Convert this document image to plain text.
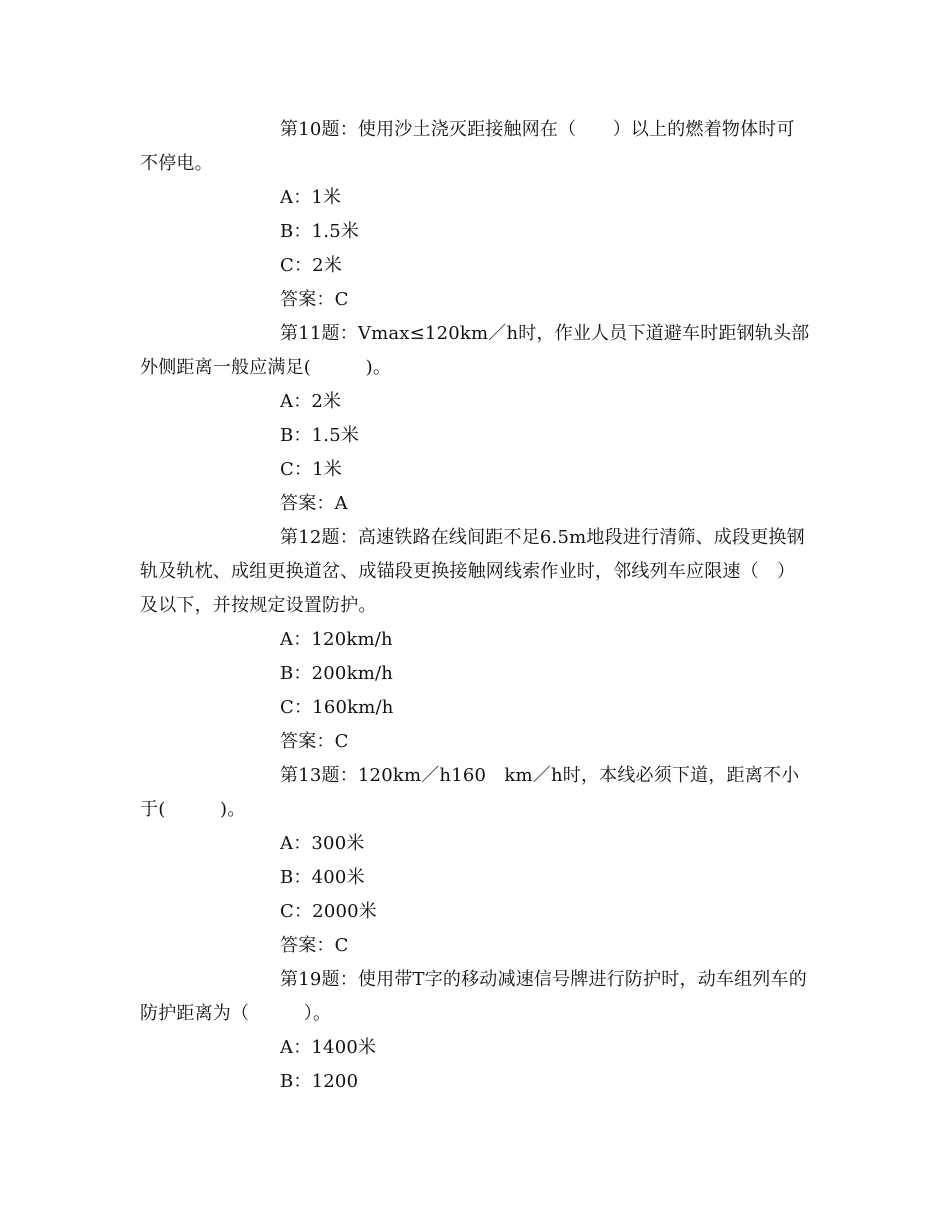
第10题：使用沙土浇灭距接触网在（　　）以上的燃着物体时可不停电。

A：1米

B：1.5米

C：2米

答案：C

第11题：Vmax≤120km／h时，作业人员下道避车时距钢轨头部外侧距离一般应满足(　　　)。

A：2米

B：1.5米

C：1米

答案：A

第12题：高速铁路在线间距不足6.5m地段进行清筛、成段更换钢轨及轨枕、成组更换道岔、成锚段更换接触网线索作业时，邻线列车应限速（　）及以下，并按规定设置防护。

A：120km/h

B：200km/h

C：160km/h

答案：C

第13题：120km／h160　km／h时，本线必须下道，距离不小于(　　　)。

A：300米

B：400米

C：2000米

答案：C

第19题：使用带T字的移动减速信号牌进行防护时，动车组列车的防护距离为（　　　）。

A：1400米

B：1200
